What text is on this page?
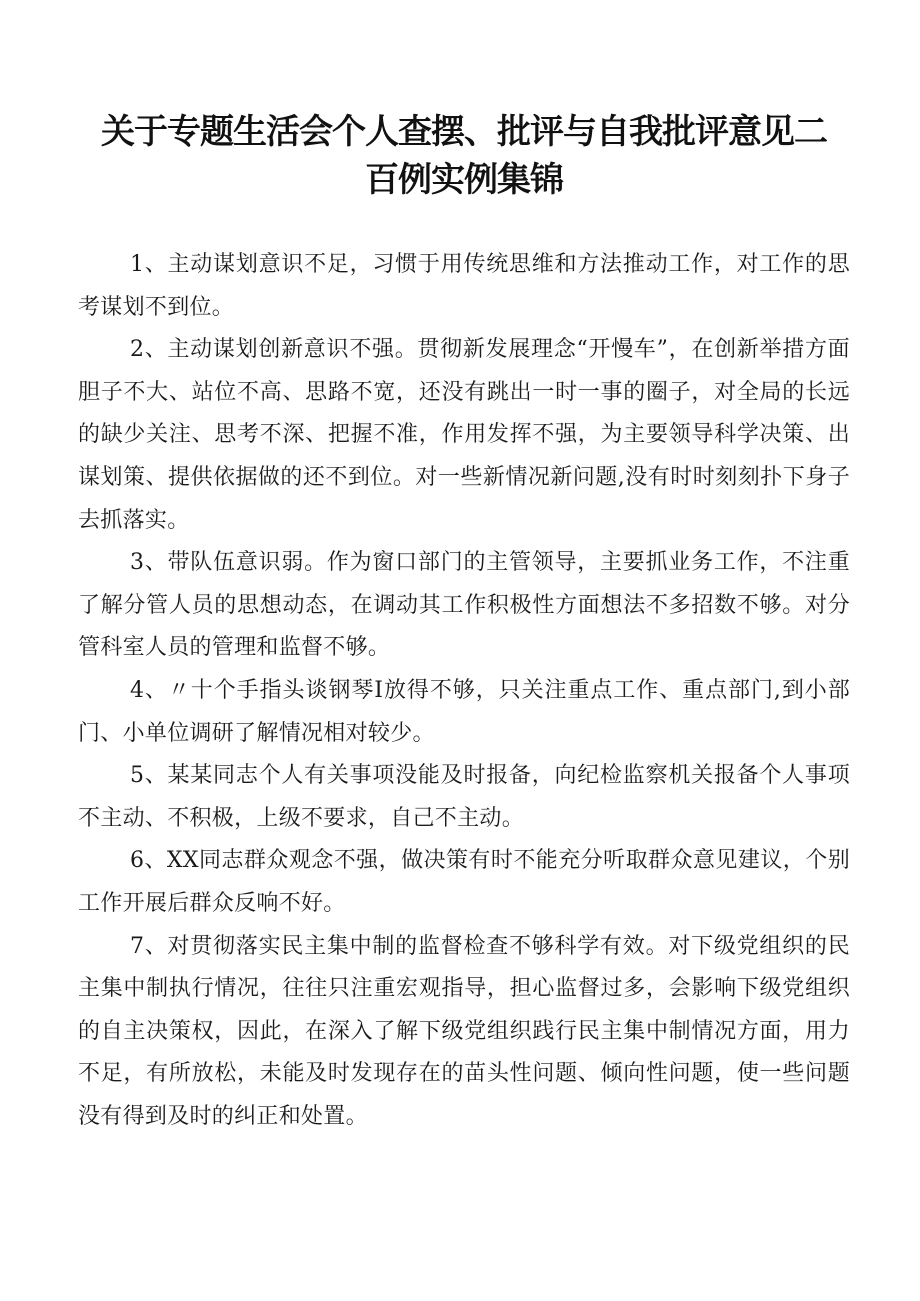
关于专题生活会个人查摆、批评与自我批评意见二
百例实例集锦

1、主动谋划意识不足，习惯于用传统思维和方法推动工作，对工作的思考谋划不到位。

2、主动谋划创新意识不强。贯彻新发展理念“开慢车”，在创新举措方面胆子不大、站位不高、思路不宽，还没有跳出一时一事的圈子，对全局的长远的缺少关注、思考不深、把握不准，作用发挥不强，为主要领导科学决策、出谋划策、提供依据做的还不到位。对一些新情况新问题,没有时时刻刻扑下身子去抓落实。

3、带队伍意识弱。作为窗口部门的主管领导，主要抓业务工作，不注重了解分管人员的思想动态，在调动其工作积极性方面想法不多招数不够。对分管科室人员的管理和监督不够。

4、〃十个手指头谈钢琴I放得不够，只关注重点工作、重点部门,到小部门、小单位调研了解情况相对较少。

5、某某同志个人有关事项没能及时报备，向纪检监察机关报备个人事项不主动、不积极，上级不要求，自己不主动。

6、XX同志群众观念不强，做决策有时不能充分听取群众意见建议，个别工作开展后群众反响不好。

7、对贯彻落实民主集中制的监督检查不够科学有效。对下级党组织的民主集中制执行情况，往往只注重宏观指导，担心监督过多，会影响下级党组织的自主决策权，因此，在深入了解下级党组织践行民主集中制情况方面，用力不足，有所放松，未能及时发现存在的苗头性问题、倾向性问题，使一些问题没有得到及时的纠正和处置。
